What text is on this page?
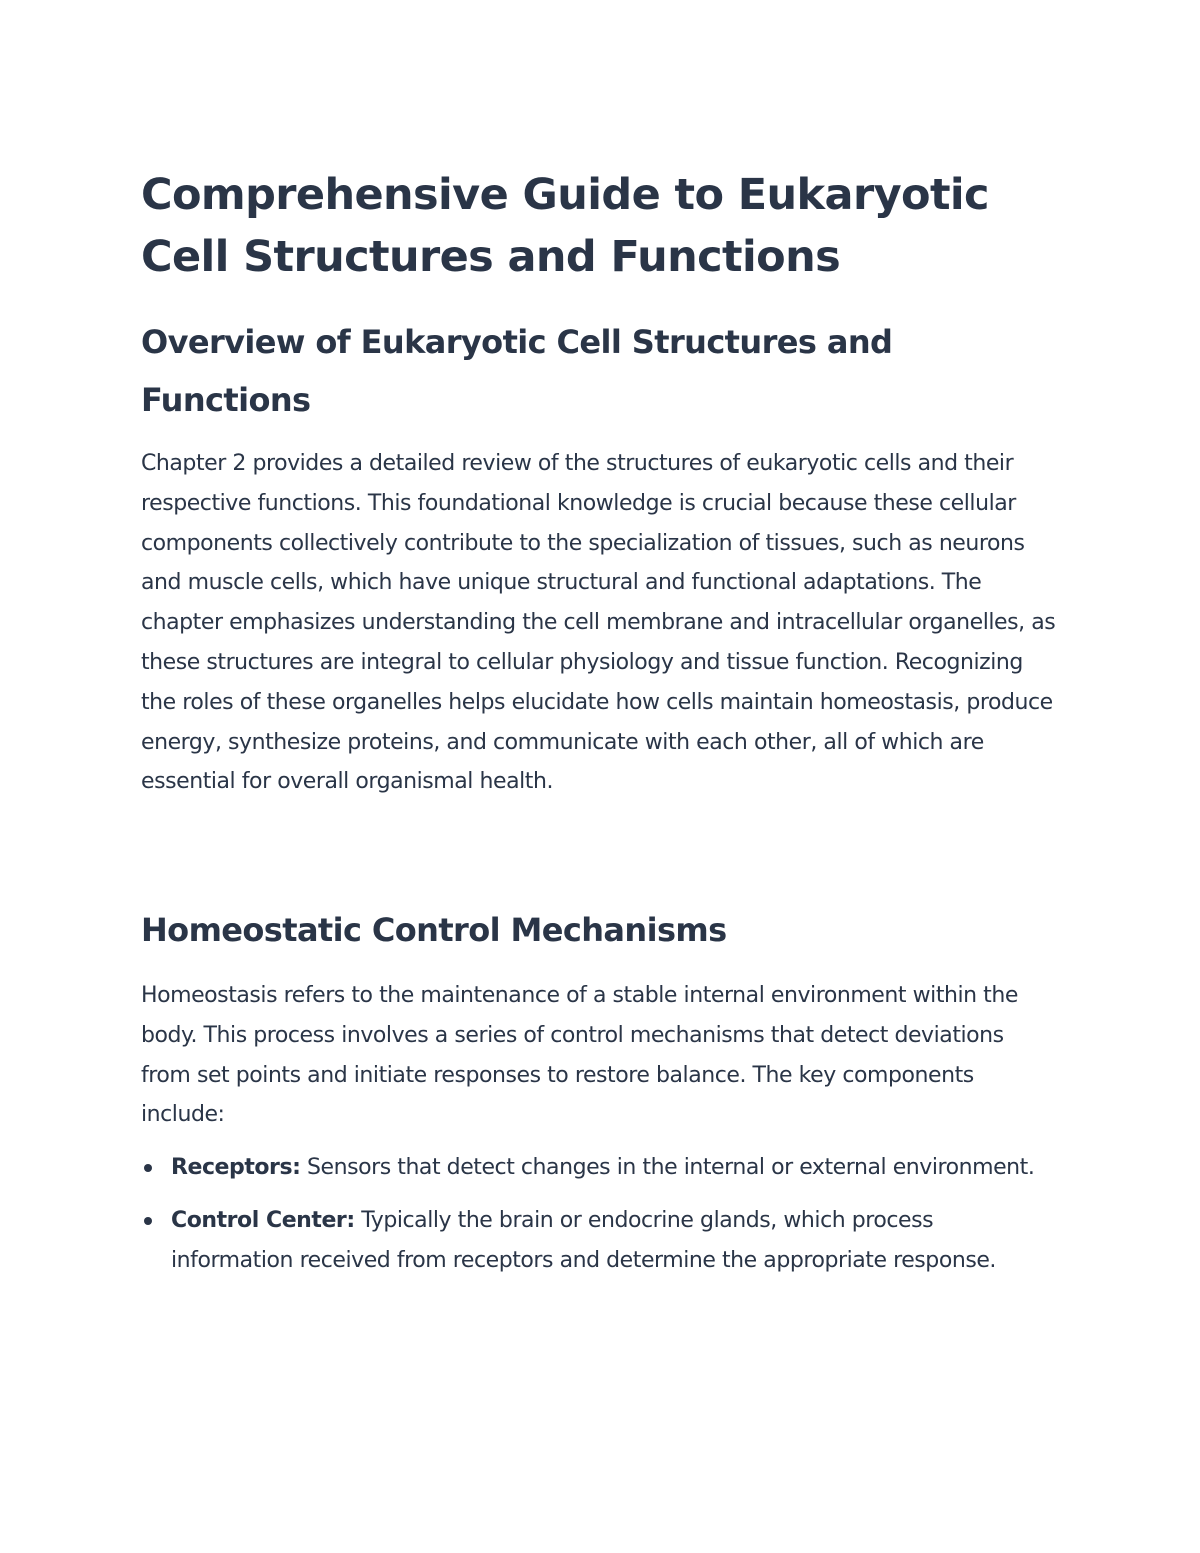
Comprehensive Guide to Eukaryotic Cell Structures and Functions
Overview of Eukaryotic Cell Structures and Functions

Chapter 2 provides a detailed review of the structures of eukaryotic cells and their respective functions. This foundational knowledge is crucial because these cellular components collectively contribute to the specialization of tissues, such as neurons and muscle cells, which have unique structural and functional adaptations. The chapter emphasizes understanding the cell membrane and intracellular organelles, as these structures are integral to cellular physiology and tissue function. Recognizing the roles of these organelles helps elucidate how cells maintain homeostasis, produce energy, synthesize proteins, and communicate with each other, all of which are essential for overall organismal health.

Homeostatic Control Mechanisms

Homeostasis refers to the maintenance of a stable internal environment within the body. This process involves a series of control mechanisms that detect deviations from set points and initiate responses to restore balance. The key components include:

Receptors: Sensors that detect changes in the internal or external environment.
Control Center: Typically the brain or endocrine glands, which process information received from receptors and determine the appropriate response.
